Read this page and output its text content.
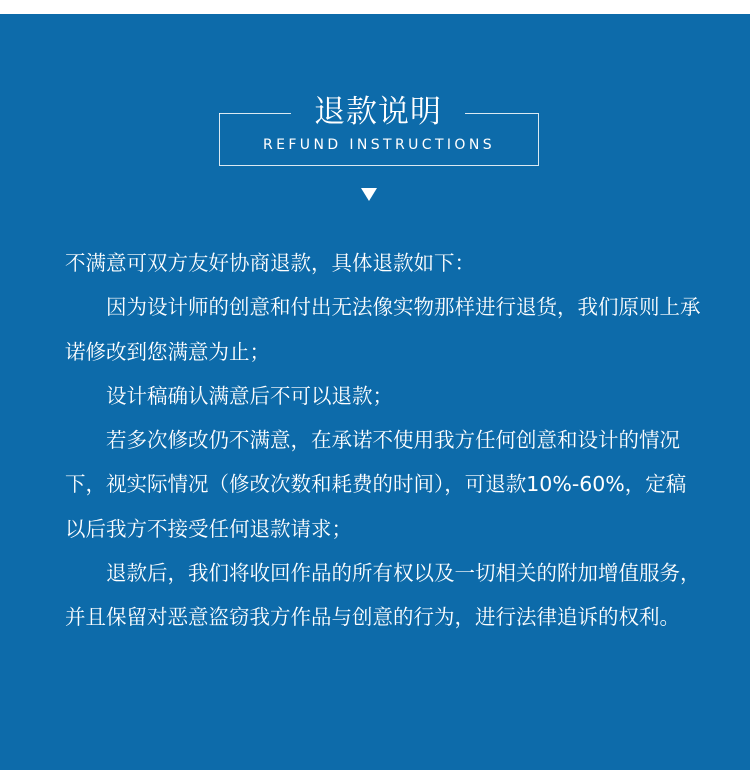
退款说明
REFUND INSTRUCTIONS

不满意可双方友好协商退款，具体退款如下：

因为设计师的创意和付出无法像实物那样进行退货，我们原则上承诺修改到您满意为止；

设计稿确认满意后不可以退款；

若多次修改仍不满意，在承诺不使用我方任何创意和设计的情况下，视实际情况（修改次数和耗费的时间），可退款10%-60%，定稿以后我方不接受任何退款请求；

退款后，我们将收回作品的所有权以及一切相关的附加增值服务，并且保留对恶意盗窃我方作品与创意的行为，进行法律追诉的权利。
